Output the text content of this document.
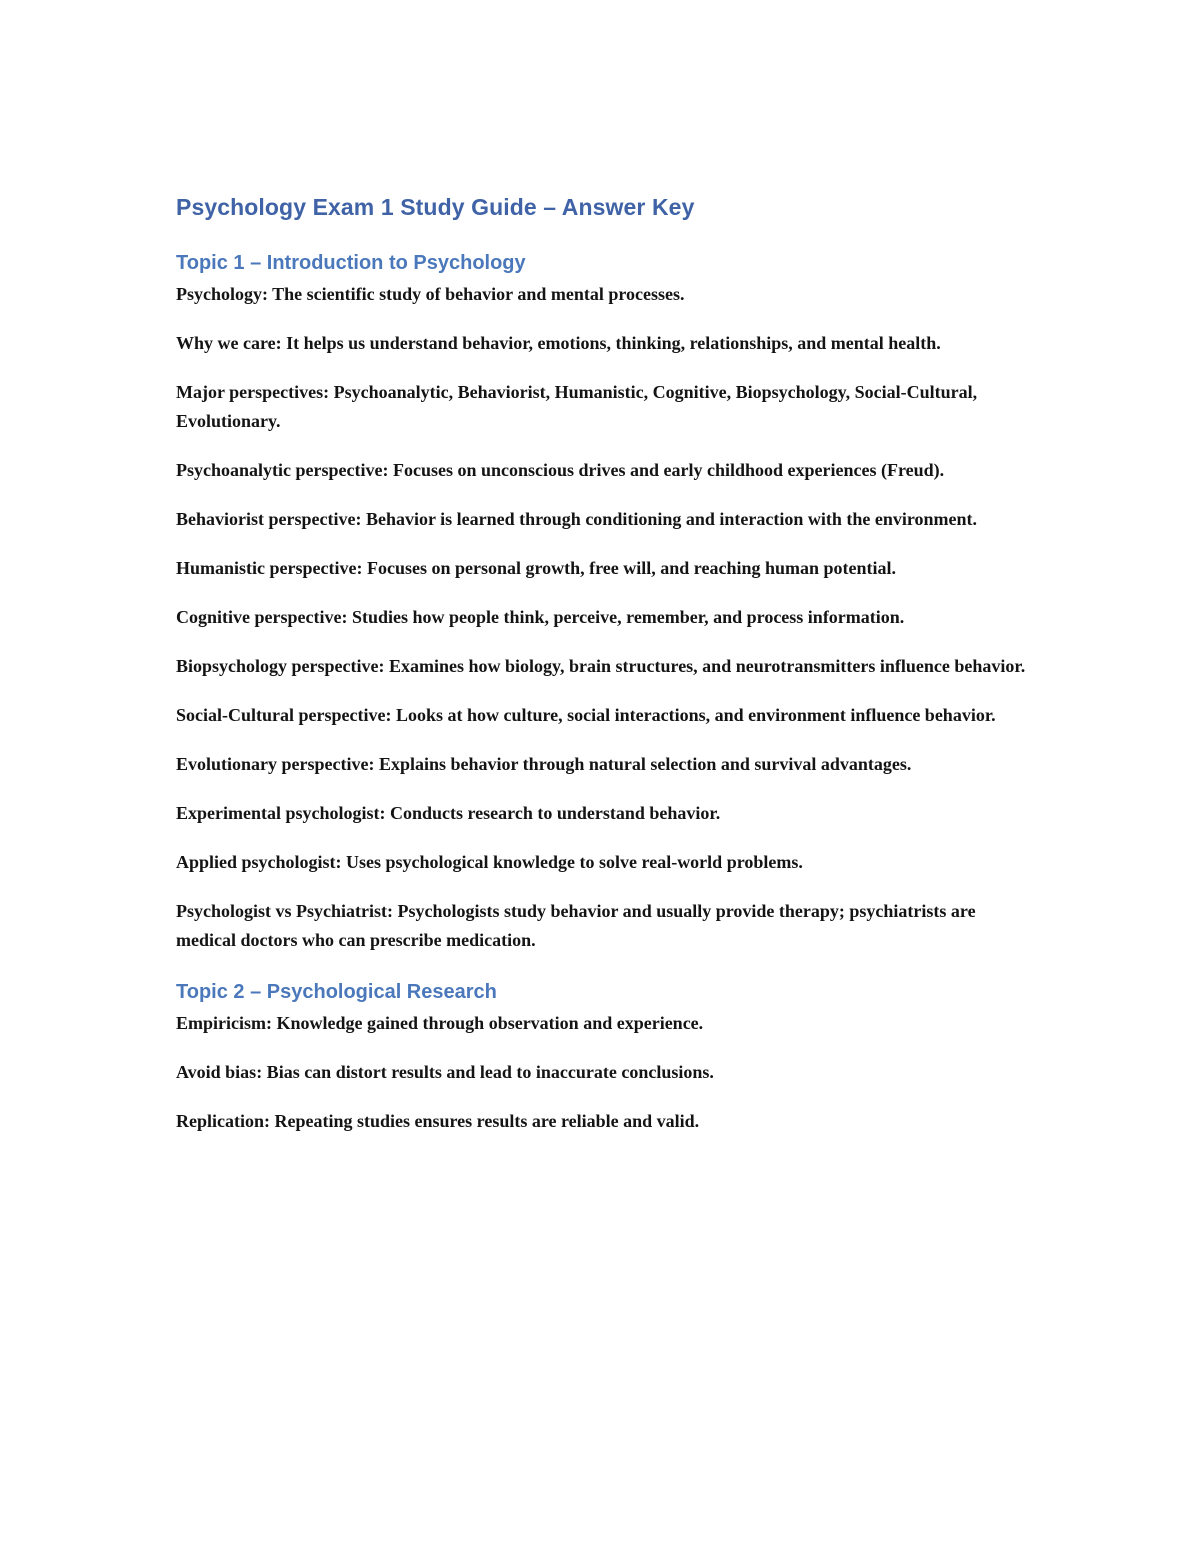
Psychology Exam 1 Study Guide – Answer Key
Topic 1 – Introduction to Psychology

Psychology: The scientific study of behavior and mental processes.

Why we care: It helps us understand behavior, emotions, thinking, relationships, and mental health.

Major perspectives: Psychoanalytic, Behaviorist, Humanistic, Cognitive, Biopsychology, Social-Cultural, Evolutionary.

Psychoanalytic perspective: Focuses on unconscious drives and early childhood experiences (Freud).

Behaviorist perspective: Behavior is learned through conditioning and interaction with the environment.

Humanistic perspective: Focuses on personal growth, free will, and reaching human potential.

Cognitive perspective: Studies how people think, perceive, remember, and process information.

Biopsychology perspective: Examines how biology, brain structures, and neurotransmitters influence behavior.

Social-Cultural perspective: Looks at how culture, social interactions, and environment influence behavior.

Evolutionary perspective: Explains behavior through natural selection and survival advantages.

Experimental psychologist: Conducts research to understand behavior.

Applied psychologist: Uses psychological knowledge to solve real-world problems.

Psychologist vs Psychiatrist: Psychologists study behavior and usually provide therapy; psychiatrists are medical doctors who can prescribe medication.

Topic 2 – Psychological Research

Empiricism: Knowledge gained through observation and experience.

Avoid bias: Bias can distort results and lead to inaccurate conclusions.

Replication: Repeating studies ensures results are reliable and valid.
